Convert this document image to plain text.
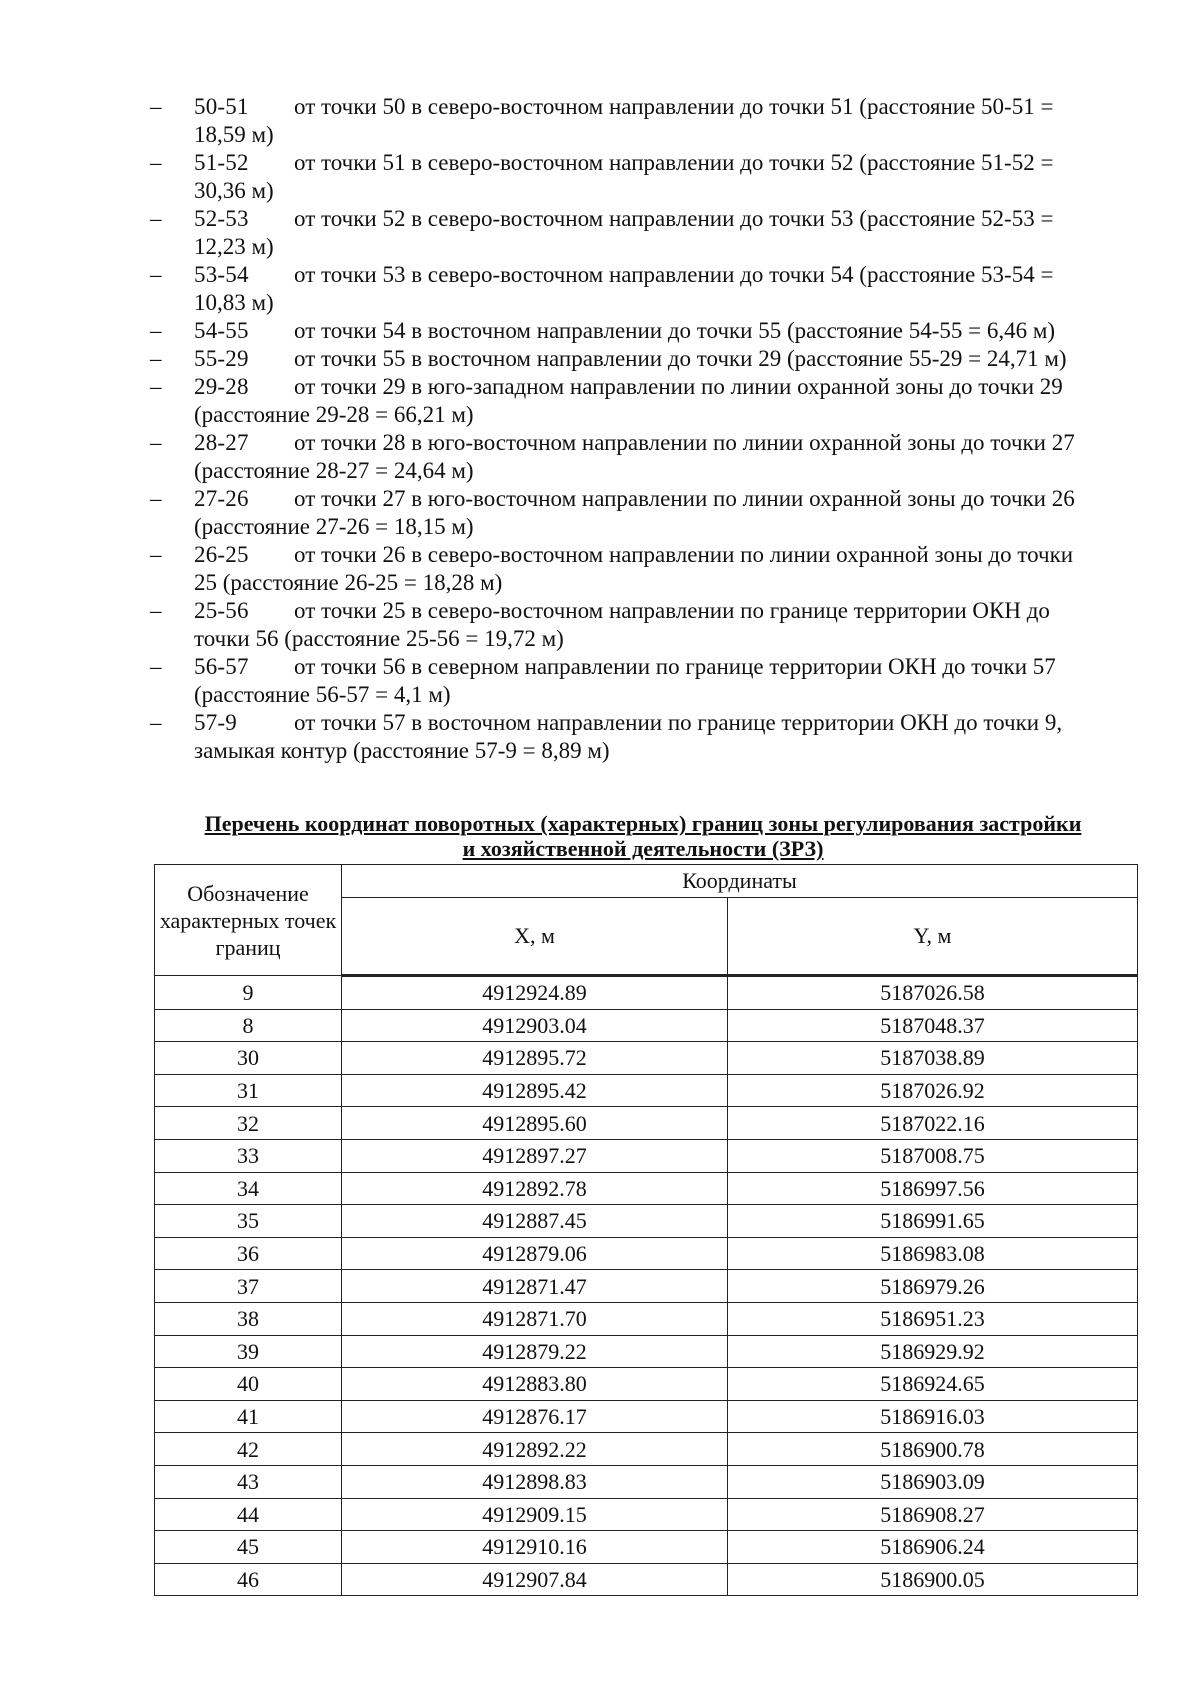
–	50-51	от точки 50 в северо-восточном направлении до точки 51 (расстояние 50-51 =
18,59 м)
–	51-52	от точки 51 в северо-восточном направлении до точки 52 (расстояние 51-52 =
30,36 м)
–	52-53	от точки 52 в северо-восточном направлении до точки 53 (расстояние 52-53 =
12,23 м)
–	53-54	от точки 53 в северо-восточном направлении до точки 54 (расстояние 53-54 =
10,83 м)
–	54-55	от точки 54 в восточном направлении до точки 55 (расстояние 54-55 = 6,46 м)
–	55-29	от точки 55 в восточном направлении до точки 29 (расстояние 55-29 = 24,71 м)
–	29-28	от точки 29 в юго-западном направлении по линии охранной зоны до точки 29
(расстояние 29-28 = 66,21 м)
–	28-27	от точки 28 в юго-восточном направлении по линии охранной зоны до точки 27
(расстояние 28-27 = 24,64 м)
–	27-26	от точки 27 в юго-восточном направлении по линии охранной зоны до точки 26
(расстояние 27-26 = 18,15 м)
–	26-25	от точки 26 в северо-восточном направлении по линии охранной зоны до точки
25 (расстояние 26-25 = 18,28 м)
–	25-56	от точки 25 в северо-восточном направлении по границе территории ОКН до
точки 56 (расстояние 25-56 = 19,72 м)
–	56-57	от точки 56 в северном направлении по границе территории ОКН до точки 57
(расстояние 56-57 = 4,1 м)
–	57-9	от точки 57 в восточном направлении по границе территории ОКН до точки 9,
замыкая контур (расстояние 57-9 = 8,89 м)
Перечень координат поворотных (характерных) границ зоны регулирования застройки
и хозяйственной деятельности (ЗРЗ)
Обозначение характерных точек границ	Координаты	
	X, м	Y, м
9	4912924.89	5187026.58
8	4912903.04	5187048.37
30	4912895.72	5187038.89
31	4912895.42	5187026.92
32	4912895.60	5187022.16
33	4912897.27	5187008.75
34	4912892.78	5186997.56
35	4912887.45	5186991.65
36	4912879.06	5186983.08
37	4912871.47	5186979.26
38	4912871.70	5186951.23
39	4912879.22	5186929.92
40	4912883.80	5186924.65
41	4912876.17	5186916.03
42	4912892.22	5186900.78
43	4912898.83	5186903.09
44	4912909.15	5186908.27
45	4912910.16	5186906.24
46	4912907.84	5186900.05
